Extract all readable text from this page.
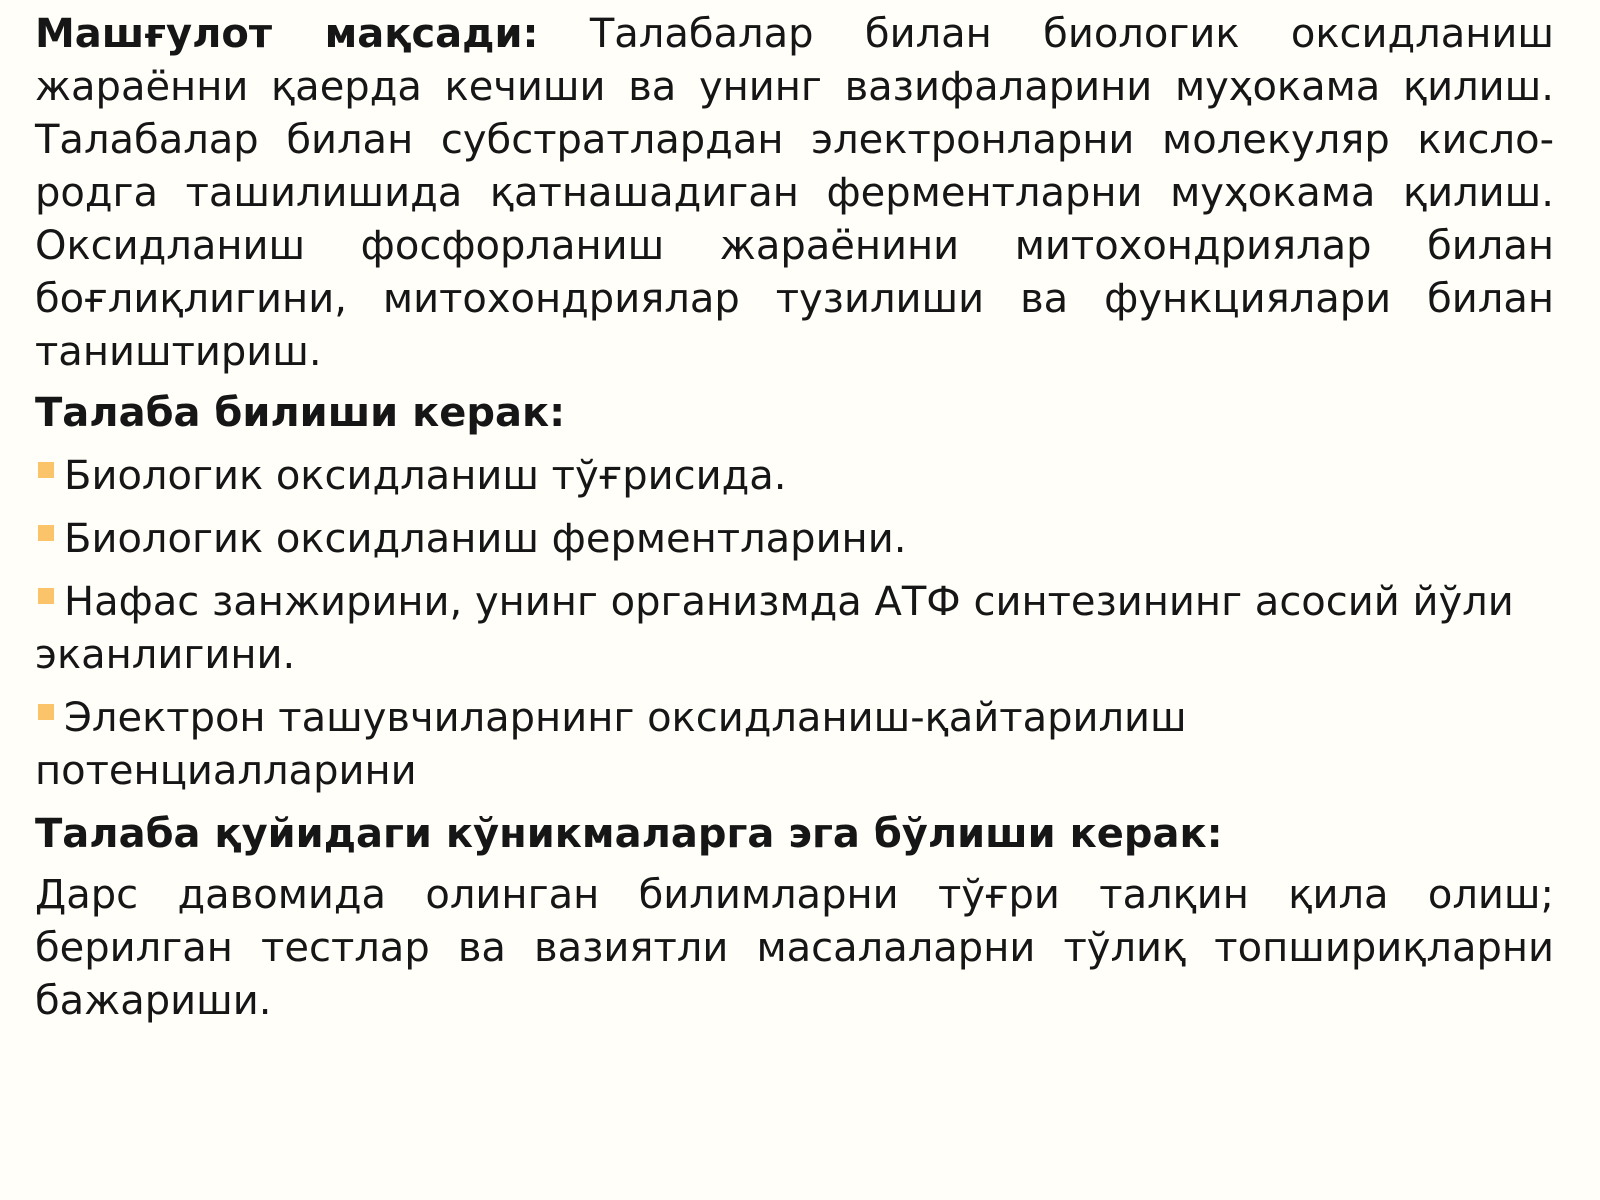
Машғулот мақсади: Талабалар билан биологик оксидланиш жараённи қаерда кечиши ва унинг вазифаларини муҳокама қилиш. Талабалар билан субстратлардан электронларни молекуляр кисло-родга ташилишида қатнашадиган ферментларни муҳокама қилиш. Оксидланиш фосфорланиш жараёнини митохондриялар билан боғлиқлигини, митохондриялар тузилиши ва функциялари билан таништириш.

Талаба билиши керак:
Биологик оксидланиш тўғрисида.
Биологик оксидланиш ферментларини.
Нафас занжирини, унинг организмда АТФ синтезининг асосий йўли эканлигини.
Электрон ташувчиларнинг оксидланиш-қайтарилиш потенциалларини
Талаба қуйидаги кўникмаларга эга бўлиши керак:

Дарс давомида олинган билимларни тўғри талқин қила олиш; берилган тестлар ва вазиятли масалаларни тўлиқ топшириқларни бажариши.
